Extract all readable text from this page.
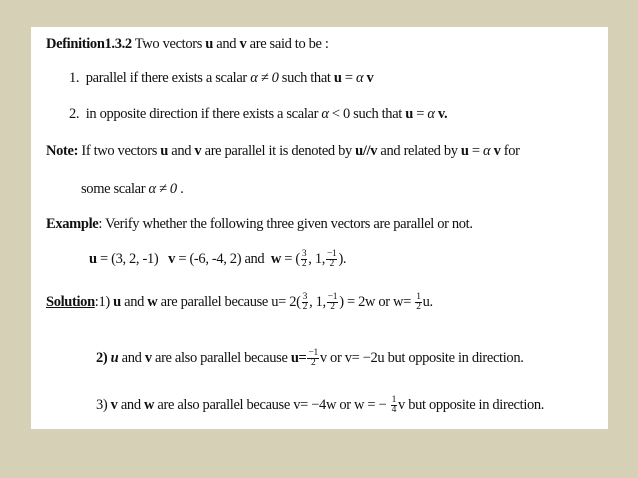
Definition1.3.2 Two vectors u and v are said to be :
1. parallel if there exists a scalar α ≠ 0 such that u = α v
2. in opposite direction if there exists a scalar α < 0 such that u = α v.
Note: If two vectors u and v are parallel it is denoted by u//v and related by u = α v for
some scalar α ≠ 0 .
Example: Verify whether the following three given vectors are parallel or not.
u = (3, 2, -1) v = (-6, -4, 2) and  w = ( $\frac{3}{2}$ , 1, $\frac{-1}{2}$ ).
Solution:1) u and w are parallel because $u= 2( \frac{3}{2}$ , 1, $\frac{-1}{2}$ ) = 2w or $w= \frac{1}{2} u$.
2) u and v are also parallel because $u= \frac{-1}{2}$ v or v= −2u but opposite in direction.
3) v and w are also parallel because v= −4w or w = − $\frac{1}{4}$ v but opposite in direction.
